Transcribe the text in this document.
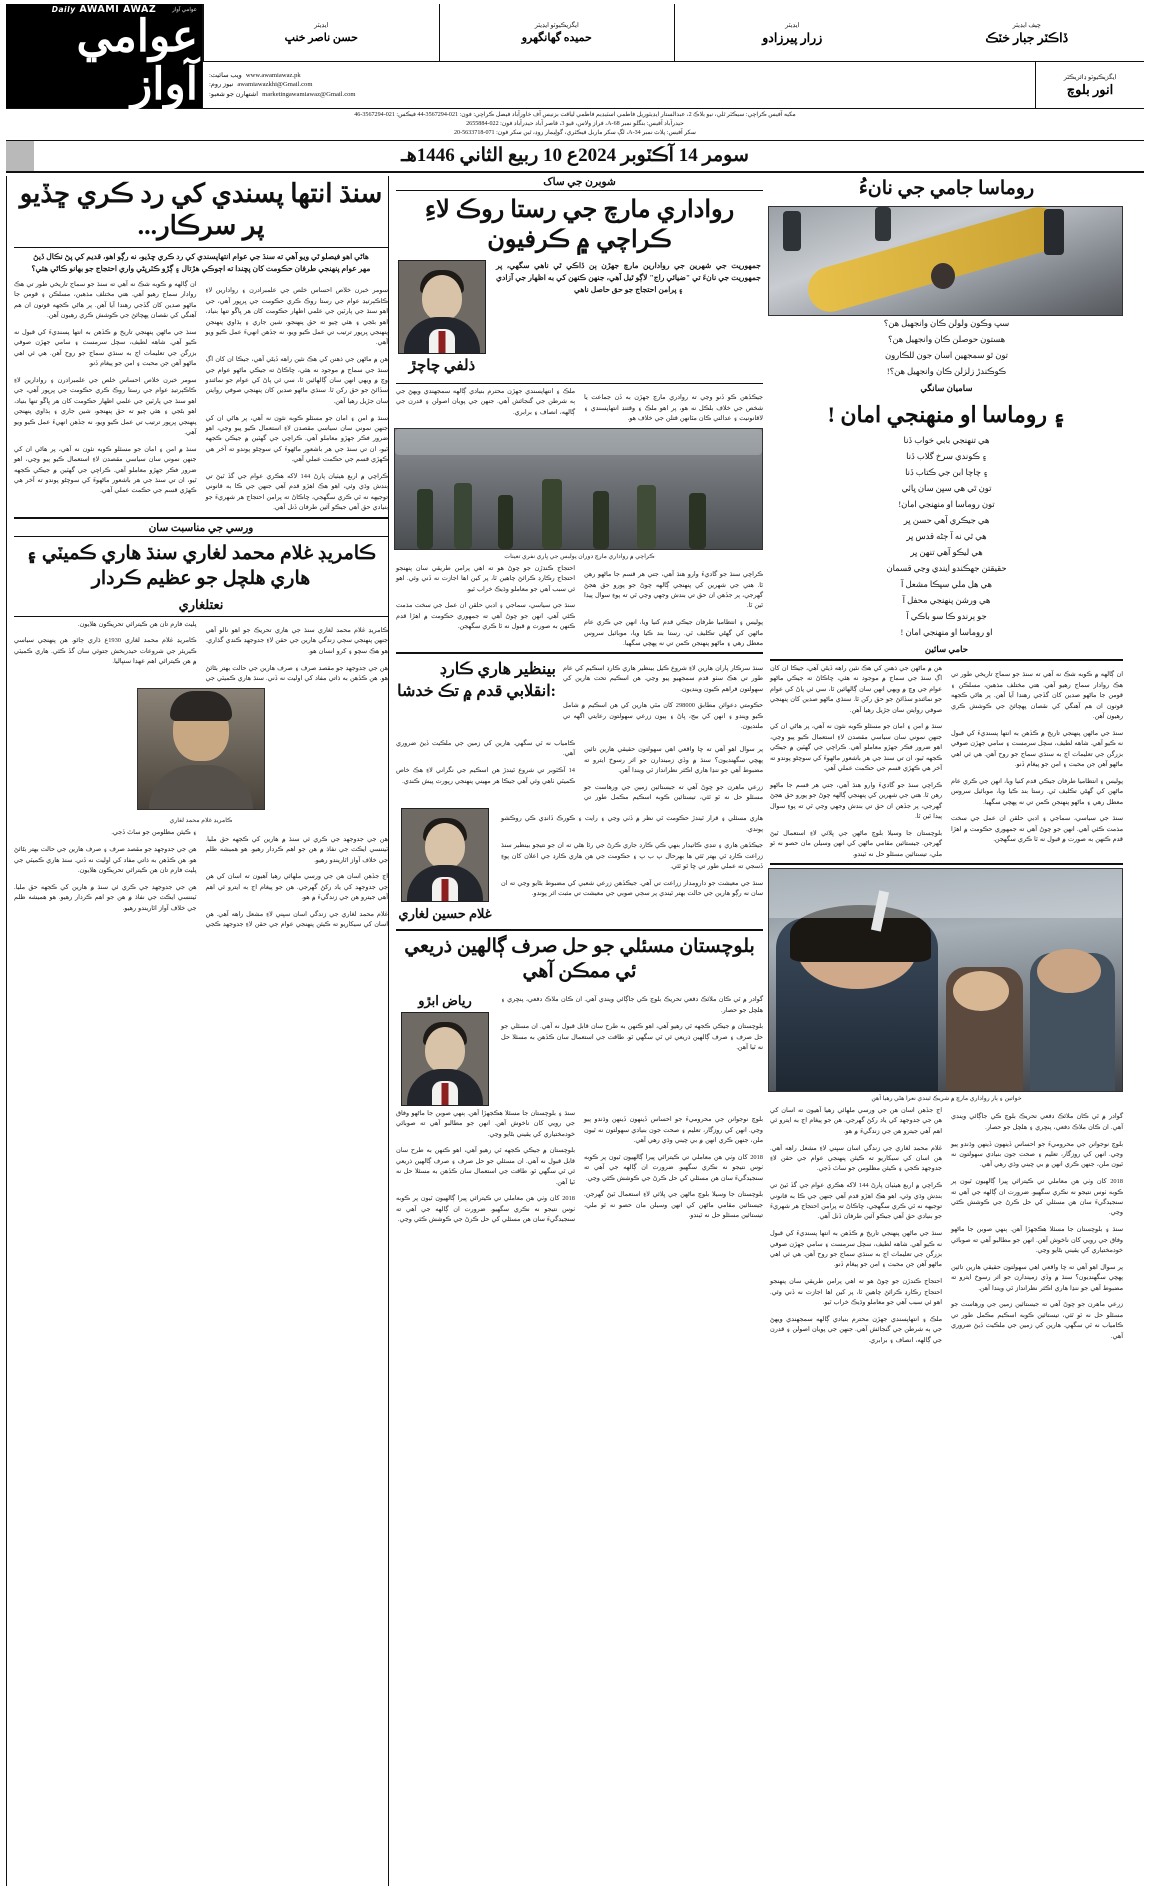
عوامي آواز
Daily AWAMI AWAZ
عوامي آواز
ايڊيٽر
حسن ناصر خنڀ
ايگزيڪيوٽو ايڊيٽر
حميده گهانگهرو
ايڊيٽر
زرار پيرزادو
چيف ايڊيٽر
ڏاڪٽر جبار خٽڪ
ويب سائيٽ: www.awamiawaz.pk
نيوز روم: awamiawazkhi@Gmail.com
اشتهارن جو شعبو: marketingawamiawaz@Gmail.com
ايگزيڪيوٽو ڊائريڪٽر
انور بلوچ
مکيه آفيس ڪراچي: سيڪٽر ٿلي، نيو بلاڪ 2، عبدالستار ايڊيٽوريل فاطمي اسٽيڊيم فاطمي لياقت بزنيس آف خاورآباد فيصل ڪراچي: فون: 021-3567294-44 فيڪس: 021-3567294-46
حيدرآباد آفيس: بنگلو نمبر A-68، فراز ولاس، قيو 3، قاصر آباد حيدرآباد فون: 022-2655884
سکر آفيس: پلاٽ نمبر A-34، لڳ سکر ماربل فيڪٽري، گولِيمار روڊ، ٿين سکر فون: 071-5633718-20
سومر 14 آڪٽوبر 2024ع 10 ربيع الثاني 1446هـ
سنڌ انتها پسندي کي رد ڪري ڇڏيو پر سرڪار...
هاڻي اهو فيصلو ٿي ويو آهي ته سنڌ جي عوام انتهاپسندي کي رد ڪري ڇڏيو، نه رڳو اهو، قديم کي پڻ نڪال ڏيڻ مهر عوام پنهنجي طرفان حڪومت کان پڇندا ته اڄوڪي هڙتال ۽ ڳڙو ڪٽرپڻي واري احتجاج جو بهانو ڪاٿي هئي؟

سومر خبرن خلاص احساس خلص جي علمبرادرن ۽ روادارين لاءِ ڪاڪٻرتيڊ عوام جي رستا روڪ ڪري حڪومت جي ڀرڀور آهي، جي اهو سنڌ جي پارٽين جي علمي اظهار حڪومت کان هر ڀاڱو تنها بنياد، اهو بڻجي ۽ هئي چيو ته حق پنهنجو، شين جاري ۽ ٻڌاوي پنهنجن پنهنجي ڀرپور ترتيب تي عمل ڪيو ويو، نه جڏهن انهيءَ عمل ڪيو ويو آهي.

هن ۾ ماڻهن جي ذهنن کي هڪ نئين راهه ڏيڻي آهي، جيڪا ان کان اڳ سنڌ جي سماج ۾ موجود نه هئي، ڇاڪاڻ ته جيڪي ماڻهو عوام جي وچ ۾ ويهي انهن سان ڳالهائين ٿا، سي ئي پاڻ کي عوام جو نمائندو سڏائڻ جو حق رکن ٿا. سنڌي ماڻهو صدين کان پنهنجي صوفي روايتن سان جڙيل رهيا آهن.

سنڌ ۾ امن ۽ امان جو مسئلو ڪوبه نئون نه آهي، پر هاڻي ان کي جنهن نموني سان سياسي مقصدن لاءِ استعمال ڪيو پيو وڃي، اهو ضرور فڪر جهڙو معاملو آهي. ڪراچي جي گهٽين ۾ جيڪي ڪجهه ٿيو، ان تي سنڌ جي هر باشعور ماڻهوءَ کي سوچڻو پوندو ته آخر هي ڪهڙي قسم جي حڪمت عملي آهي.

ڪراچي ۾ اربع هيٺيان پارڻ 144 لاکه هڪري عوام جي گڏ ٿيڻ تي بندش وڌي وئي، اهو هڪ اهڙو قدم آهي جنهن جي ڪا به قانوني توجيهه نه ٿي ڪري سگهجي، ڇاڪاڻ ته پرامن احتجاج هر شهريءَ جو بنيادي حق آهي جيڪو آئين طرفان ڏنل آهي.

ان ڳالهه ۾ ڪوبه شڪ نه آهي ته سنڌ جو سماج تاريخي طور تي هڪ روادار سماج رهيو آهي. هتي مختلف مذهبن، مسلڪن ۽ قومن جا ماڻهو صدين کان گڏجي رهندا آيا آهن. پر هاڻي ڪجهه قوتون ان هم آهنگي کي نقصان پهچائڻ جي ڪوشش ڪري رهيون آهن.

سنڌ جي ماڻهن پنهنجي تاريخ ۾ ڪڏهن به انتها پسنديءَ کي قبول نه ڪيو آهي. شاهه لطيف، سچل سرمست ۽ سامي جهڙن صوفي بزرگن جي تعليمات اڄ به سنڌي سماج جو روح آهن. هي ئي اهي ماڻهو آهن جن محبت ۽ امن جو پيغام ڏنو.

سومر خبرن خلاص احساس خلص جي علمبرادرن ۽ روادارين لاءِ ڪاڪٻرتيڊ عوام جي رستا روڪ ڪري حڪومت جي ڀرڀور آهي، جي اهو سنڌ جي پارٽين جي علمي اظهار حڪومت کان هر ڀاڱو تنها بنياد، اهو بڻجي ۽ هئي چيو ته حق پنهنجو، شين جاري ۽ ٻڌاوي پنهنجن پنهنجي ڀرپور ترتيب تي عمل ڪيو ويو، نه جڏهن انهيءَ عمل ڪيو ويو آهي.

سنڌ ۾ امن ۽ امان جو مسئلو ڪوبه نئون نه آهي، پر هاڻي ان کي جنهن نموني سان سياسي مقصدن لاءِ استعمال ڪيو پيو وڃي، اهو ضرور فڪر جهڙو معاملو آهي. ڪراچي جي گهٽين ۾ جيڪي ڪجهه ٿيو، ان تي سنڌ جي هر باشعور ماڻهوءَ کي سوچڻو پوندو ته آخر هي ڪهڙي قسم جي حڪمت عملي آهي.

ورسي جي مناسبت سان
ڪامريڊ غلام محمد لغاري سنڌ هاري ڪميٽي ۽ هاري هلچل جو عظيم ڪردار
نعتلغاري

ڪامريڊ غلام محمد لغاري سنڌ جي هاري تحريڪ جو اهو نالو آهي جنهن پنهنجي سڄي زندگي هارين جي حقن لاءِ جدوجهد ڪندي گذاري. هو هڪ سچو ۽ کرو انسان هو.

هن جي جدوجهد جو مقصد صرف ۽ صرف هارين جي حالت بهتر بڻائڻ هو. هن ڪڏهن به ذاتي مفاد کي اوليت نه ڏني. سنڌ هاري ڪميٽي جي پليٽ فارم تان هن ڪيترائي تحريڪون هلايون.

ڪامريڊ غلام محمد لغاري 1930ع ڌاري ڄائو. هن پنهنجي سياسي ڪيريئر جي شروعات حيدربخش جتوئي سان گڏ ڪئي. هاري ڪميٽي ۾ هن ڪيترائي اهم عهدا سنڀاليا.

ڪامريڊ غلام محمد لغاري

هن جي جدوجهد جي ڪري ئي سنڌ ۾ هارين کي ڪجهه حق مليا. ٽيننسي ايڪٽ جي نفاذ ۾ هن جو اهم ڪردار رهيو. هو هميشه ظلم جي خلاف آواز اٿاريندو رهيو.

اڄ جڏهن اسان هن جي ورسي ملهائي رهيا آهيون ته اسان کي هن جي جدوجهد کي ياد رکڻ گهرجي. هن جو پيغام اڄ به ايترو ئي اهم آهي جيترو هن جي زندگيءَ ۾ هو.

غلام محمد لغاري جي زندگي اسان سڀني لاءِ مشعل راهه آهي. هن اسان کي سيکاريو ته ڪيئن پنهنجي عوام جي حقن لاءِ جدوجهد ڪجي ۽ ڪيئن مظلومن جو ساٿ ڏجي.

هن جي جدوجهد جو مقصد صرف ۽ صرف هارين جي حالت بهتر بڻائڻ هو. هن ڪڏهن به ذاتي مفاد کي اوليت نه ڏني. سنڌ هاري ڪميٽي جي پليٽ فارم تان هن ڪيترائي تحريڪون هلايون.

هن جي جدوجهد جي ڪري ئي سنڌ ۾ هارين کي ڪجهه حق مليا. ٽيننسي ايڪٽ جي نفاذ ۾ هن جو اهم ڪردار رهيو. هو هميشه ظلم جي خلاف آواز اٿاريندو رهيو.

شوبرن جي ساک
رواداري مارچ جي رستا روڪ لاءِ ڪراچي ۾ ڪرفيون
ذلفي چاچڙ
جمهوريت جي شهرين جي روادارين مارچ جهڙن ٻن ڏاڪي ٿي ناهي سگهي، پر جمهوريت جي نانءَ تي "ضيائي راج" لاڳو ٿيل آهي، جنهن ڪنهن کي به اظهار جي آزادي ۽ پرامن احتجاج جو حق حاصل ناهي

جيڪڏهن ڪو ڏنو وڃي ته روادري مارچ جهڙن به ڏن جماعت يا شخص جي خلاف بلڪل نه هو، پر اهو ملڪ ۽ وقتنڊ انتهاپسندي ۽ لاقانونيت ۽ عدالتي ڪان مٿانهن قتلن جي خلاف هو.

ملڪ ۽ انتهاپسندي جهڙن محترم بنيادي ڳالهه سمجهندي ويهڻ جي ٻه شرطن جي گنجائش آهي. جنهن جي پويان اصولن ۽ قدرن جي ڳالهه، انصاف ۽ برابري.

ڪراچي ۾ رواداري مارچ دوران پوليس جي ڀاري نفري تعينات

ڪراچي سنڌ جو گاديءَ وارو هنڌ آهي، جتي هر قسم جا ماڻهو رهن ٿا. هتي جي شهرين کي پنهنجي ڳالهه چوڻ جو پورو حق هجڻ گهرجي، پر جڏهن ان حق تي بندش وجهي وڃي ٿي ته پوءِ سوال پيدا ٿين ٿا.

پوليس ۽ انتظاميا طرفان جيڪي قدم کنيا ويا، انهن جي ڪري عام ماڻهن کي گهڻي تڪليف ٿي. رستا بند ڪيا ويا، موبائيل سروس معطل رهي ۽ ماڻهو پنهنجن ڪمن تي نه پهچي سگهيا.

احتجاج ڪندڙن جو چوڻ هو ته اهي پرامن طريقي سان پنهنجو احتجاج رڪارڊ ڪرائڻ چاهين ٿا، پر کين اها اجازت نه ڏني وئي. اهو ئي سبب آهي جو معاملو وڌيڪ خراب ٿيو.

سنڌ جي سياسي، سماجي ۽ ادبي حلقن ان عمل جي سخت مذمت ڪئي آهي. انهن جو چوڻ آهي ته جمهوري حڪومت ۾ اهڙا قدم ڪنهن به صورت ۾ قبول نه ٿا ڪري سگهجن.

بينظير هاري ڪارڊ :انقلابي قدم ۾ تڪ خدشا

سنڌ سرڪار پاران هارين لاءِ شروع ڪيل بينظير هاري ڪارڊ اسڪيم کي عام طور تي هڪ سٺو قدم سمجهيو پيو وڃي. هن اسڪيم تحت هارين کي سهولتون فراهم ڪيون وينديون.

حڪومتي دعوائن مطابق 298000 کان مٿي هارين کي هن اسڪيم ۾ شامل ڪيو ويندو ۽ انهن کي بيج، ڀاڻ ۽ ٻيون زرعي سهولتون رعايتي اگهه تي ملنديون.

پر سوال اهو آهي ته ڇا واقعي اهي سهولتون حقيقي هارين تائين پهچي سگهنديون؟ سنڌ ۾ وڏي زميندارن جو اثر رسوخ ايترو ته مضبوط آهي جو ننڍا هاري اڪثر نظرانداز ٿي ويندا آهن.

زرعي ماهرن جو چوڻ آهي ته جيستائين زمين جي ورهاست جو مسئلو حل نه ٿو ٿئي، تيستائين ڪوبه اسڪيم مڪمل طور تي ڪامياب نه ٿي سگهي. هارين کي زمين جي ملڪيت ڏيڻ ضروري آهي.

14 آڪٽوبر تي شروع ٿيندڙ هن اسڪيم جي نگراني لاءِ هڪ خاص ڪميٽي ٺاهي وئي آهي جيڪا هر مهيني پنهنجي رپورٽ پيش ڪندي.

غلام حسين لغاري

هاري مسئلي ۽ قرار ٿيندڙ حڪومت ٿي نظر ۾ ڏٺي وڃي ۽ رايت ۽ ڪورڪ ڏانڊي ڪي روڪشو پوندي.

جيڪڏهن هاري ۽ تنڊي ڪاتيدار بنهي ڪي ڪارڊ جاري ڪرڻ جي رٿا هڻي ته ان جو نتيجو بينظير سنڌ زراعت ڪارڊ ٿي بهتر ٿئي ها بهرحال پ ب پ ۽ حڪومت جي هن هاري ڪارڊ جي اعلان کان پوءِ ڏسجي ته عملي طور تي ڇا ٿو ٿئي.

سنڌ جي معيشت جو دارومدار زراعت تي آهي. جيڪڏهن زرعي شعبي کي مضبوط بڻايو وڃي ته ان سان نه رڳو هارين جي حالت بهتر ٿيندي پر سڄي صوبي جي معيشت تي مثبت اثر پوندو.

بلوچستان مسئلي جو حل صرف ڳالهين ذريعي ئي ممڪن آهي
رياض ابڙو	گوادر ۾ ٿي ڪان ملائڪ دفعي تحريڪ بلوچ ڪي جاڳائي ويندي آهي. ان ڪان ملاڪ دفعي، پنڇري ۽ هلچل جو حصار.

بلوچستان ۾ جيڪي ڪجهه ٿي رهيو آهي، اهو ڪنهن به طرح سان قابل قبول نه آهي. ان مسئلي جو حل صرف ۽ صرف ڳالهين ذريعي ئي ٿي سگهي ٿو. طاقت جي استعمال سان ڪڏهن به مسئلا حل نه ٿيا آهن.

بلوچ نوجوانن جي محروميءَ جو احساس ڏينهون ڏينهن وڌندو پيو وڃي. انهن کي روزگار، تعليم ۽ صحت جون بنيادي سهولتون نه ٿيون ملن، جنهن ڪري انهن ۾ بي چيني وڌي رهي آهي.

2018 کان وٺي هن معاملي تي ڪيترائي ڀيرا ڳالهيون ٿيون پر ڪوبه ٺوس نتيجو نه نڪري سگهيو. ضرورت ان ڳالهه جي آهي ته سنجيدگيءَ سان هن مسئلي کي حل ڪرڻ جي ڪوشش ڪئي وڃي.

بلوچستان جا وسيلا بلوچ ماڻهن جي ڀلائي لاءِ استعمال ٿيڻ گهرجن. جيستائين مقامي ماڻهن کي انهن وسيلن مان حصو نه ٿو ملي، تيستائين مسئلو حل نه ٿيندو.

سنڌ ۽ بلوچستان جا مسئلا هڪجهڙا آهن. ٻنهي صوبن جا ماڻهو وفاق جي رويي کان ناخوش آهن. انهن جو مطالبو آهي ته صوبائي خودمختياري کي يقيني بڻايو وڃي.

بلوچستان ۾ جيڪي ڪجهه ٿي رهيو آهي، اهو ڪنهن به طرح سان قابل قبول نه آهي. ان مسئلي جو حل صرف ۽ صرف ڳالهين ذريعي ئي ٿي سگهي ٿو. طاقت جي استعمال سان ڪڏهن به مسئلا حل نه ٿيا آهن.

2018 کان وٺي هن معاملي تي ڪيترائي ڀيرا ڳالهيون ٿيون پر ڪوبه ٺوس نتيجو نه نڪري سگهيو. ضرورت ان ڳالهه جي آهي ته سنجيدگيءَ سان هن مسئلي کي حل ڪرڻ جي ڪوشش ڪئي وڃي.

روماسا جامي جي نانءُ
سڀ وڪون ولولن ڪان وانجهيل هن؟
هستون حوصلن ڪان وانجهيل هن؟
تون ٿو سمجهين اسان جون للڪارون
ڪوڪندڙ زلزلن ڪان وانجهيل هن؟!
ساميان سانگي
۽ روماسا او منهنجي امان !
هي تنهنجي بابي خواب ڏنا
۽ ڪوندي سرخ گلاب ڏنا
۽ چاچا ابن جي ڪتاب ڏنا
تون ٿي هي سڀن سان ڀائي
تون روماسا او منهنجي امان!
هي جيڪري آهي حسن ڀر
هي ٿي نه آ ڄڻه قدس ڀر
هي ليڪو آهي تنهن ڀر
حقيقتن جهڪندو ايندي وڃي قسمان
هي هل ملي سڀڪا مشعل آ
هي ورشن پنهنجي محفل آ
جو ٻرندو ڪا سو باڪي آ
او روماسا او منهنجي امان !
حامي سائين

ان ڳالهه ۾ ڪوبه شڪ نه آهي ته سنڌ جو سماج تاريخي طور تي هڪ روادار سماج رهيو آهي. هتي مختلف مذهبن، مسلڪن ۽ قومن جا ماڻهو صدين کان گڏجي رهندا آيا آهن. پر هاڻي ڪجهه قوتون ان هم آهنگي کي نقصان پهچائڻ جي ڪوشش ڪري رهيون آهن.

سنڌ جي ماڻهن پنهنجي تاريخ ۾ ڪڏهن به انتها پسنديءَ کي قبول نه ڪيو آهي. شاهه لطيف، سچل سرمست ۽ سامي جهڙن صوفي بزرگن جي تعليمات اڄ به سنڌي سماج جو روح آهن. هي ئي اهي ماڻهو آهن جن محبت ۽ امن جو پيغام ڏنو.

پوليس ۽ انتظاميا طرفان جيڪي قدم کنيا ويا، انهن جي ڪري عام ماڻهن کي گهڻي تڪليف ٿي. رستا بند ڪيا ويا، موبائيل سروس معطل رهي ۽ ماڻهو پنهنجن ڪمن تي نه پهچي سگهيا.

سنڌ جي سياسي، سماجي ۽ ادبي حلقن ان عمل جي سخت مذمت ڪئي آهي. انهن جو چوڻ آهي ته جمهوري حڪومت ۾ اهڙا قدم ڪنهن به صورت ۾ قبول نه ٿا ڪري سگهجن.

هن ۾ ماڻهن جي ذهنن کي هڪ نئين راهه ڏيڻي آهي، جيڪا ان کان اڳ سنڌ جي سماج ۾ موجود نه هئي، ڇاڪاڻ ته جيڪي ماڻهو عوام جي وچ ۾ ويهي انهن سان ڳالهائين ٿا، سي ئي پاڻ کي عوام جو نمائندو سڏائڻ جو حق رکن ٿا. سنڌي ماڻهو صدين کان پنهنجي صوفي روايتن سان جڙيل رهيا آهن.

سنڌ ۾ امن ۽ امان جو مسئلو ڪوبه نئون نه آهي، پر هاڻي ان کي جنهن نموني سان سياسي مقصدن لاءِ استعمال ڪيو پيو وڃي، اهو ضرور فڪر جهڙو معاملو آهي. ڪراچي جي گهٽين ۾ جيڪي ڪجهه ٿيو، ان تي سنڌ جي هر باشعور ماڻهوءَ کي سوچڻو پوندو ته آخر هي ڪهڙي قسم جي حڪمت عملي آهي.

ڪراچي سنڌ جو گاديءَ وارو هنڌ آهي، جتي هر قسم جا ماڻهو رهن ٿا. هتي جي شهرين کي پنهنجي ڳالهه چوڻ جو پورو حق هجڻ گهرجي، پر جڏهن ان حق تي بندش وجهي وڃي ٿي ته پوءِ سوال پيدا ٿين ٿا.

بلوچستان جا وسيلا بلوچ ماڻهن جي ڀلائي لاءِ استعمال ٿيڻ گهرجن. جيستائين مقامي ماڻهن کي انهن وسيلن مان حصو نه ٿو ملي، تيستائين مسئلو حل نه ٿيندو.

خواتين ۽ ٻار رواداري مارچ ۾ شريڪ ٿيندي نعرا هڻي رهيا آهن

گوادر ۾ ٿي ڪان ملائڪ دفعي تحريڪ بلوچ ڪي جاڳائي ويندي آهي. ان ڪان ملاڪ دفعي، پنڇري ۽ هلچل جو حصار.

بلوچ نوجوانن جي محروميءَ جو احساس ڏينهون ڏينهن وڌندو پيو وڃي. انهن کي روزگار، تعليم ۽ صحت جون بنيادي سهولتون نه ٿيون ملن، جنهن ڪري انهن ۾ بي چيني وڌي رهي آهي.

2018 کان وٺي هن معاملي تي ڪيترائي ڀيرا ڳالهيون ٿيون پر ڪوبه ٺوس نتيجو نه نڪري سگهيو. ضرورت ان ڳالهه جي آهي ته سنجيدگيءَ سان هن مسئلي کي حل ڪرڻ جي ڪوشش ڪئي وڃي.

سنڌ ۽ بلوچستان جا مسئلا هڪجهڙا آهن. ٻنهي صوبن جا ماڻهو وفاق جي رويي کان ناخوش آهن. انهن جو مطالبو آهي ته صوبائي خودمختياري کي يقيني بڻايو وڃي.

پر سوال اهو آهي ته ڇا واقعي اهي سهولتون حقيقي هارين تائين پهچي سگهنديون؟ سنڌ ۾ وڏي زميندارن جو اثر رسوخ ايترو ته مضبوط آهي جو ننڍا هاري اڪثر نظرانداز ٿي ويندا آهن.

زرعي ماهرن جو چوڻ آهي ته جيستائين زمين جي ورهاست جو مسئلو حل نه ٿو ٿئي، تيستائين ڪوبه اسڪيم مڪمل طور تي ڪامياب نه ٿي سگهي. هارين کي زمين جي ملڪيت ڏيڻ ضروري آهي.

اڄ جڏهن اسان هن جي ورسي ملهائي رهيا آهيون ته اسان کي هن جي جدوجهد کي ياد رکڻ گهرجي. هن جو پيغام اڄ به ايترو ئي اهم آهي جيترو هن جي زندگيءَ ۾ هو.

غلام محمد لغاري جي زندگي اسان سڀني لاءِ مشعل راهه آهي. هن اسان کي سيکاريو ته ڪيئن پنهنجي عوام جي حقن لاءِ جدوجهد ڪجي ۽ ڪيئن مظلومن جو ساٿ ڏجي.

ڪراچي ۾ اربع هيٺيان پارڻ 144 لاکه هڪري عوام جي گڏ ٿيڻ تي بندش وڌي وئي، اهو هڪ اهڙو قدم آهي جنهن جي ڪا به قانوني توجيهه نه ٿي ڪري سگهجي، ڇاڪاڻ ته پرامن احتجاج هر شهريءَ جو بنيادي حق آهي جيڪو آئين طرفان ڏنل آهي.

سنڌ جي ماڻهن پنهنجي تاريخ ۾ ڪڏهن به انتها پسنديءَ کي قبول نه ڪيو آهي. شاهه لطيف، سچل سرمست ۽ سامي جهڙن صوفي بزرگن جي تعليمات اڄ به سنڌي سماج جو روح آهن. هي ئي اهي ماڻهو آهن جن محبت ۽ امن جو پيغام ڏنو.

احتجاج ڪندڙن جو چوڻ هو ته اهي پرامن طريقي سان پنهنجو احتجاج رڪارڊ ڪرائڻ چاهين ٿا، پر کين اها اجازت نه ڏني وئي. اهو ئي سبب آهي جو معاملو وڌيڪ خراب ٿيو.

ملڪ ۽ انتهاپسندي جهڙن محترم بنيادي ڳالهه سمجهندي ويهڻ جي ٻه شرطن جي گنجائش آهي. جنهن جي پويان اصولن ۽ قدرن جي ڳالهه، انصاف ۽ برابري.
